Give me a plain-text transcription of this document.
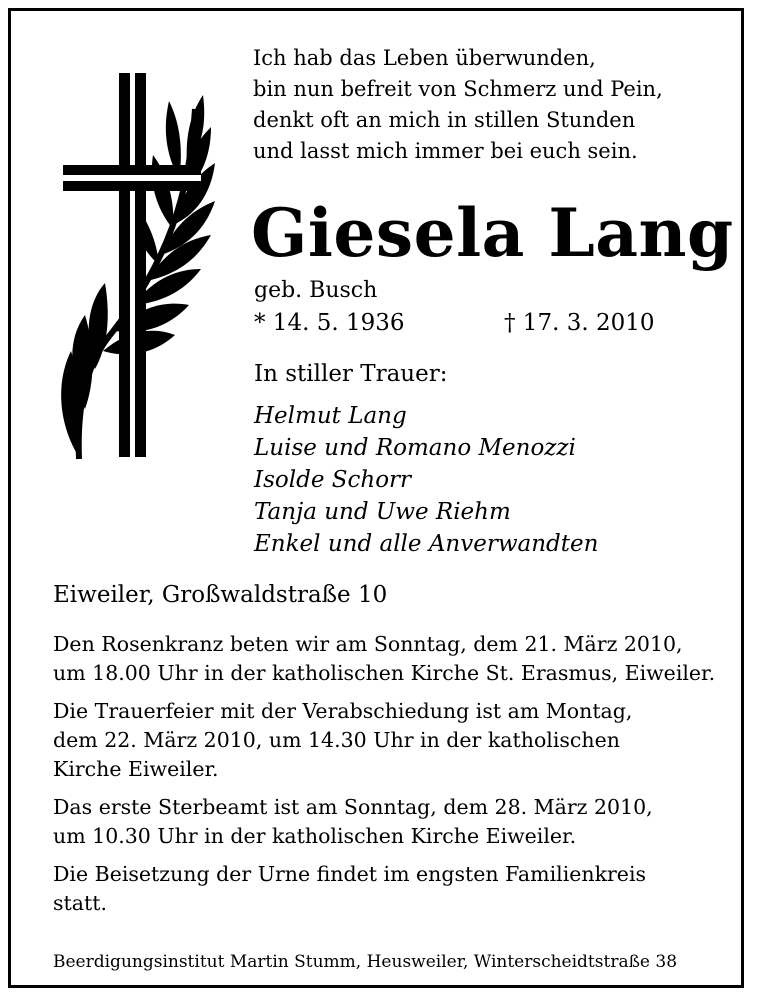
Ich hab das Leben überwunden,
bin nun befreit von Schmerz und Pein,
denkt oft an mich in stillen Stunden
und lasst mich immer bei euch sein.
Giesela Lang
geb. Busch
* 14. 5. 1936	† 17. 3. 2010
In stiller Trauer:
Helmut Lang
Luise und Romano Menozzi
Isolde Schorr
Tanja und Uwe Riehm
Enkel und alle Anverwandten
Eiweiler, Großwaldstraße 10
Den Rosenkranz beten wir am Sonntag, dem 21. März 2010,
um 18.00 Uhr in der katholischen Kirche St. Erasmus, Eiweiler.
Die Trauerfeier mit der Verabschiedung ist am Montag,
dem 22. März 2010, um 14.30 Uhr in der katholischen
Kirche Eiweiler.
Das erste Sterbeamt ist am Sonntag, dem 28. März 2010,
um 10.30 Uhr in der katholischen Kirche Eiweiler.
Die Beisetzung der Urne findet im engsten Familienkreis
statt.
Beerdigungsinstitut Martin Stumm, Heusweiler, Winterscheidtstraße 38
